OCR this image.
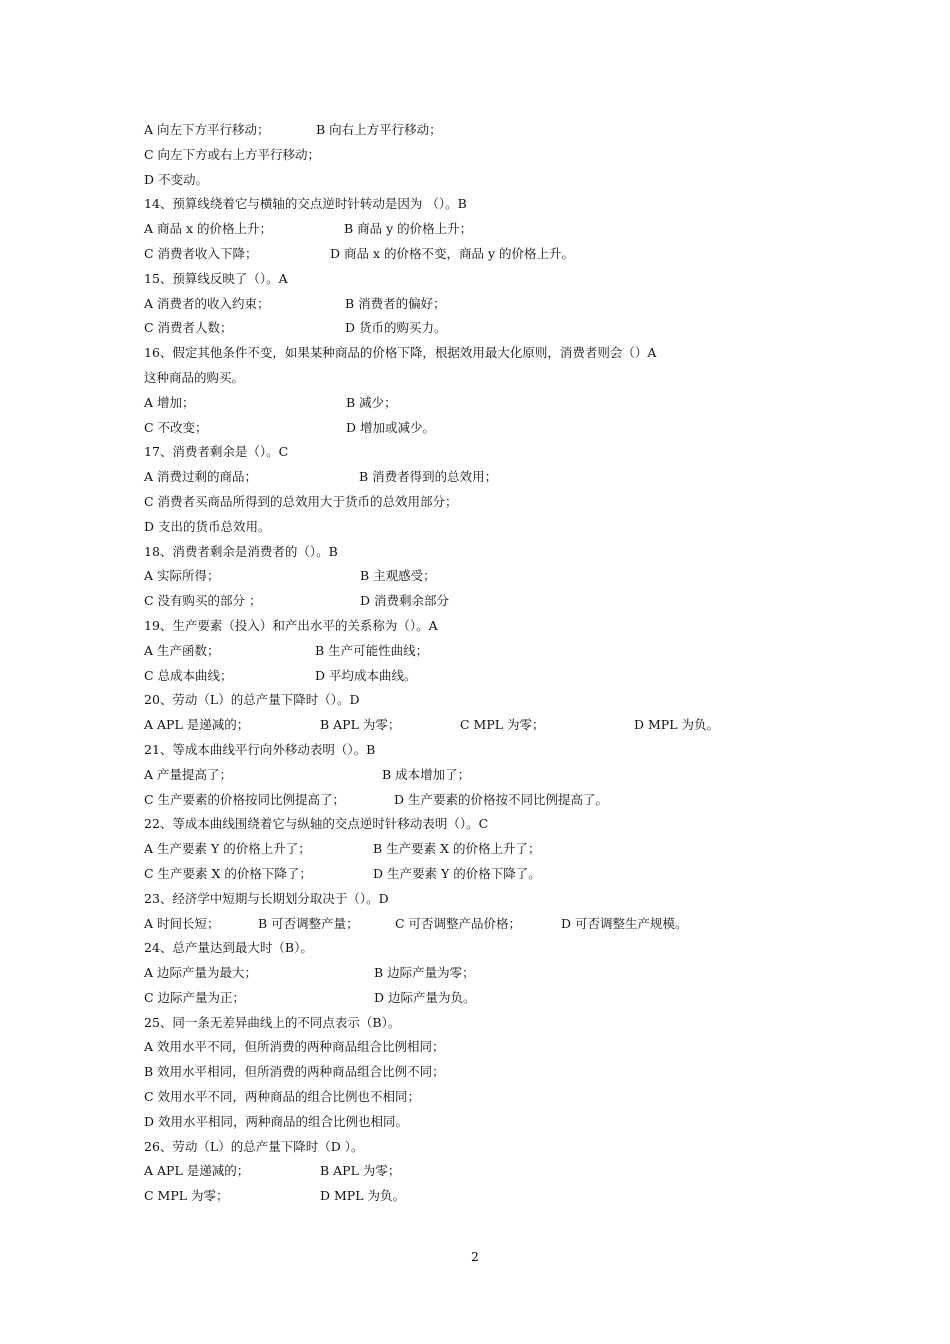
A 向左下方平行移动；

	B 向右上方平行移动；

C 向左下方或右上方平行移动；

D 不变动。

14、预算线绕着它与横轴的交点逆时针转动是因为 （）。B

A 商品 x 的价格上升；

	B 商品 y 的价格上升；

C 消费者收入下降；

	D 商品 x 的价格不变，商品 y 的价格上升。

15、预算线反映了（）。A

A 消费者的收入约束；

	B 消费者的偏好；

C 消费者人数；

	D 货币的购买力。

16、假定其他条件不变，如果某种商品的价格下降，根据效用最大化原则，消费者则会（）A

这种商品的购买。

A 增加；

	B 减少；

C 不改变；

	D 增加或减少。

17、消费者剩余是（）。C

A 消费过剩的商品；

	B 消费者得到的总效用；

C 消费者买商品所得到的总效用大于货币的总效用部分；

D 支出的货币总效用。

18、消费者剩余是消费者的（）。B

A 实际所得；

	B 主观感受；

C 没有购买的部分 ；

	D 消费剩余部分

19、生产要素（投入）和产出水平的关系称为（）。A

A 生产函数；

	B 生产可能性曲线；

C 总成本曲线；

	D 平均成本曲线。

20、劳动（L）的总产量下降时（）。D

A APL 是递减的；

	B APL 为零；

	C MPL 为零；

	D MPL 为负。

21、等成本曲线平行向外移动表明（）。B

A 产量提高了；

	B 成本增加了；

C 生产要素的价格按同比例提高了；

	D 生产要素的价格按不同比例提高了。

22、等成本曲线围绕着它与纵轴的交点逆时针移动表明（）。C

A 生产要素 Y 的价格上升了；

	B 生产要素 X 的价格上升了；

C 生产要素 X 的价格下降了；

	D 生产要素 Y 的价格下降了。

23、经济学中短期与长期划分取决于（）。D

A 时间长短；

	B 可否调整产量；

	C 可否调整产品价格；

	D 可否调整生产规模。

24、总产量达到最大时（B）。

A 边际产量为最大；

	B 边际产量为零；

C 边际产量为正；

	D 边际产量为负。

25、同一条无差异曲线上的不同点表示（B）。

A 效用水平不同，但所消费的两种商品组合比例相同；

B 效用水平相同，但所消费的两种商品组合比例不同；

C 效用水平不同，两种商品的组合比例也不相同；

D 效用水平相同，两种商品的组合比例也相同。

26、劳动（L）的总产量下降时（D ）。

A APL 是递减的；

	B APL 为零；

C MPL 为零；

	D MPL 为负。

2
